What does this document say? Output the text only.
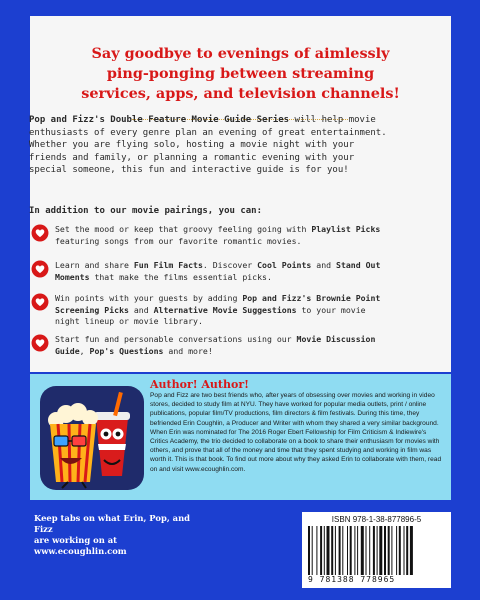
Say goodbye to evenings of aimlessly
ping-ponging between streaming
services, apps, and television channels!
Pop and Fizz's Double Feature Movie Guide Series will help movie enthusiasts of every genre plan an evening of great entertainment. Whether you are flying solo, hosting a movie night with your friends and family, or planning a romantic evening with your special someone, this fun and interactive guide is for you!
In addition to our movie pairings, you can:
Set the mood or keep that groovy feeling going with Playlist Picks featuring songs from our favorite romantic movies.
Learn and share Fun Film Facts. Discover Cool Points and Stand Out Moments that make the films essential picks.
Win points with your guests by adding Pop and Fizz's Brownie Point Screening Picks and Alternative Movie Suggestions to your movie night lineup or movie library.
Start fun and personable conversations using our Movie Discussion Guide, Pop's Questions and more!
Author! Author!
Pop and Fizz are two best friends who, after years of obsessing over movies and working in video stores, decided to study film at NYU. They have worked for popular media outlets, print / online publications, popular film/TV productions, film directors & film festivals. During this time, they befriended Erin Coughlin, a Producer and Writer with whom they shared a very similar background. When Erin was nominated for The 2016 Roger Ebert Fellowship for Film Criticism & Indiewire's Critics Academy, the trio decided to collaborate on a book to share their enthusiasm for movies with others, and prove that all of the money and time that they spent studying and working in film was worth it. This is that book. To find out more about why they asked Erin to collaborate with them, read on and visit www.ecoughlin.com.
Keep tabs on what Erin, Pop, and Fizz
are working on at www.ecoughlin.com
ISBN 978-1-38-877896-5
9 781388 778965
